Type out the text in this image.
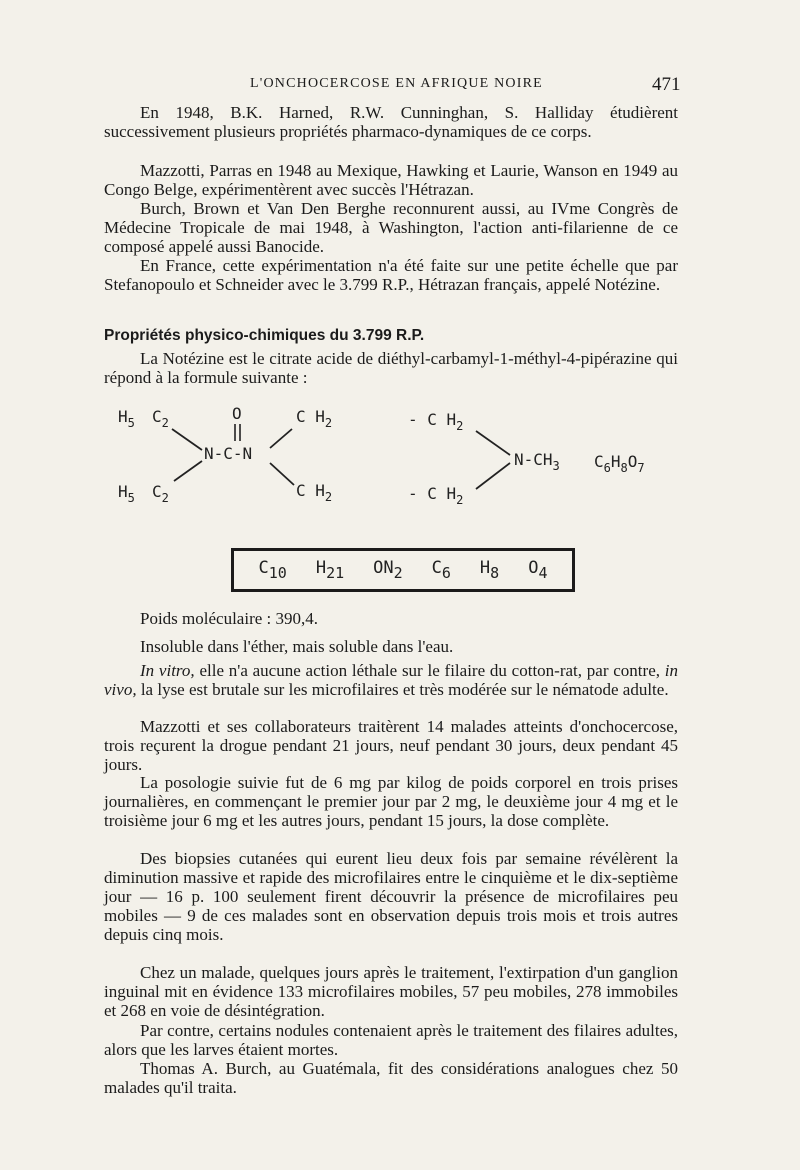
L'ONCHOCERCOSE EN AFRIQUE NOIRE	471

En 1948, B.K. Harned, R.W. Cunninghan, S. Halliday étudièrent successivement plusieurs propriétés pharmaco-dynamiques de ce corps.

Mazzotti, Parras en 1948 au Mexique, Hawking et Laurie, Wanson en 1949 au Congo Belge, expérimentèrent avec succès l'Hétrazan.

Burch, Brown et Van Den Berghe reconnurent aussi, au IVme Congrès de Médecine Tropicale de mai 1948, à Washington, l'action anti-filarienne de ce composé appelé aussi Banocide.

En France, cette expérimentation n'a été faite sur une petite échelle que par Stefanopoulo et Schneider avec le 3.799 R.P., Hétrazan français, appelé Notézine.

Propriétés physico-chimiques du 3.799 R.P.

La Notézine est le citrate acide de diéthyl-carbamyl-1-méthyl-4-pipérazine qui répond à la formule suivante :

$H_5$ $C_2$
$H_5$ $C_2$
O
N-C-N
C $H_2$
C $H_2$
- C $H_2$
- C $H_2$
$N-CH_3$ $C_6H_8O_7$
$C_{10}$ $H_{21}$ $ON_2$ $C_6$ $H_8$ $O_4$

Poids moléculaire : 390,4.

Insoluble dans l'éther, mais soluble dans l'eau.

In vitro, elle n'a aucune action léthale sur le filaire du cotton-rat, par contre, in vivo, la lyse est brutale sur les microfilaires et très modérée sur le nématode adulte.

Mazzotti et ses collaborateurs traitèrent 14 malades atteints d'onchocercose, trois reçurent la drogue pendant 21 jours, neuf pendant 30 jours, deux pendant 45 jours.

La posologie suivie fut de 6 mg par kilog de poids corporel en trois prises journalières, en commençant le premier jour par 2 mg, le deuxième jour 4 mg et le troisième jour 6 mg et les autres jours, pendant 15 jours, la dose complète.

Des biopsies cutanées qui eurent lieu deux fois par semaine révélèrent la diminution massive et rapide des microfilaires entre le cinquième et le dix-septième jour — 16 p. 100 seulement firent découvrir la présence de microfilaires peu mobiles — 9 de ces malades sont en observation depuis trois mois et trois autres depuis cinq mois.

Chez un malade, quelques jours après le traitement, l'extirpation d'un ganglion inguinal mit en évidence 133 microfilaires mobiles, 57 peu mobiles, 278 immobiles et 268 en voie de désintégration.

Par contre, certains nodules contenaient après le traitement des filaires adultes, alors que les larves étaient mortes.

Thomas A. Burch, au Guatémala, fit des considérations analogues chez 50 malades qu'il traita.
